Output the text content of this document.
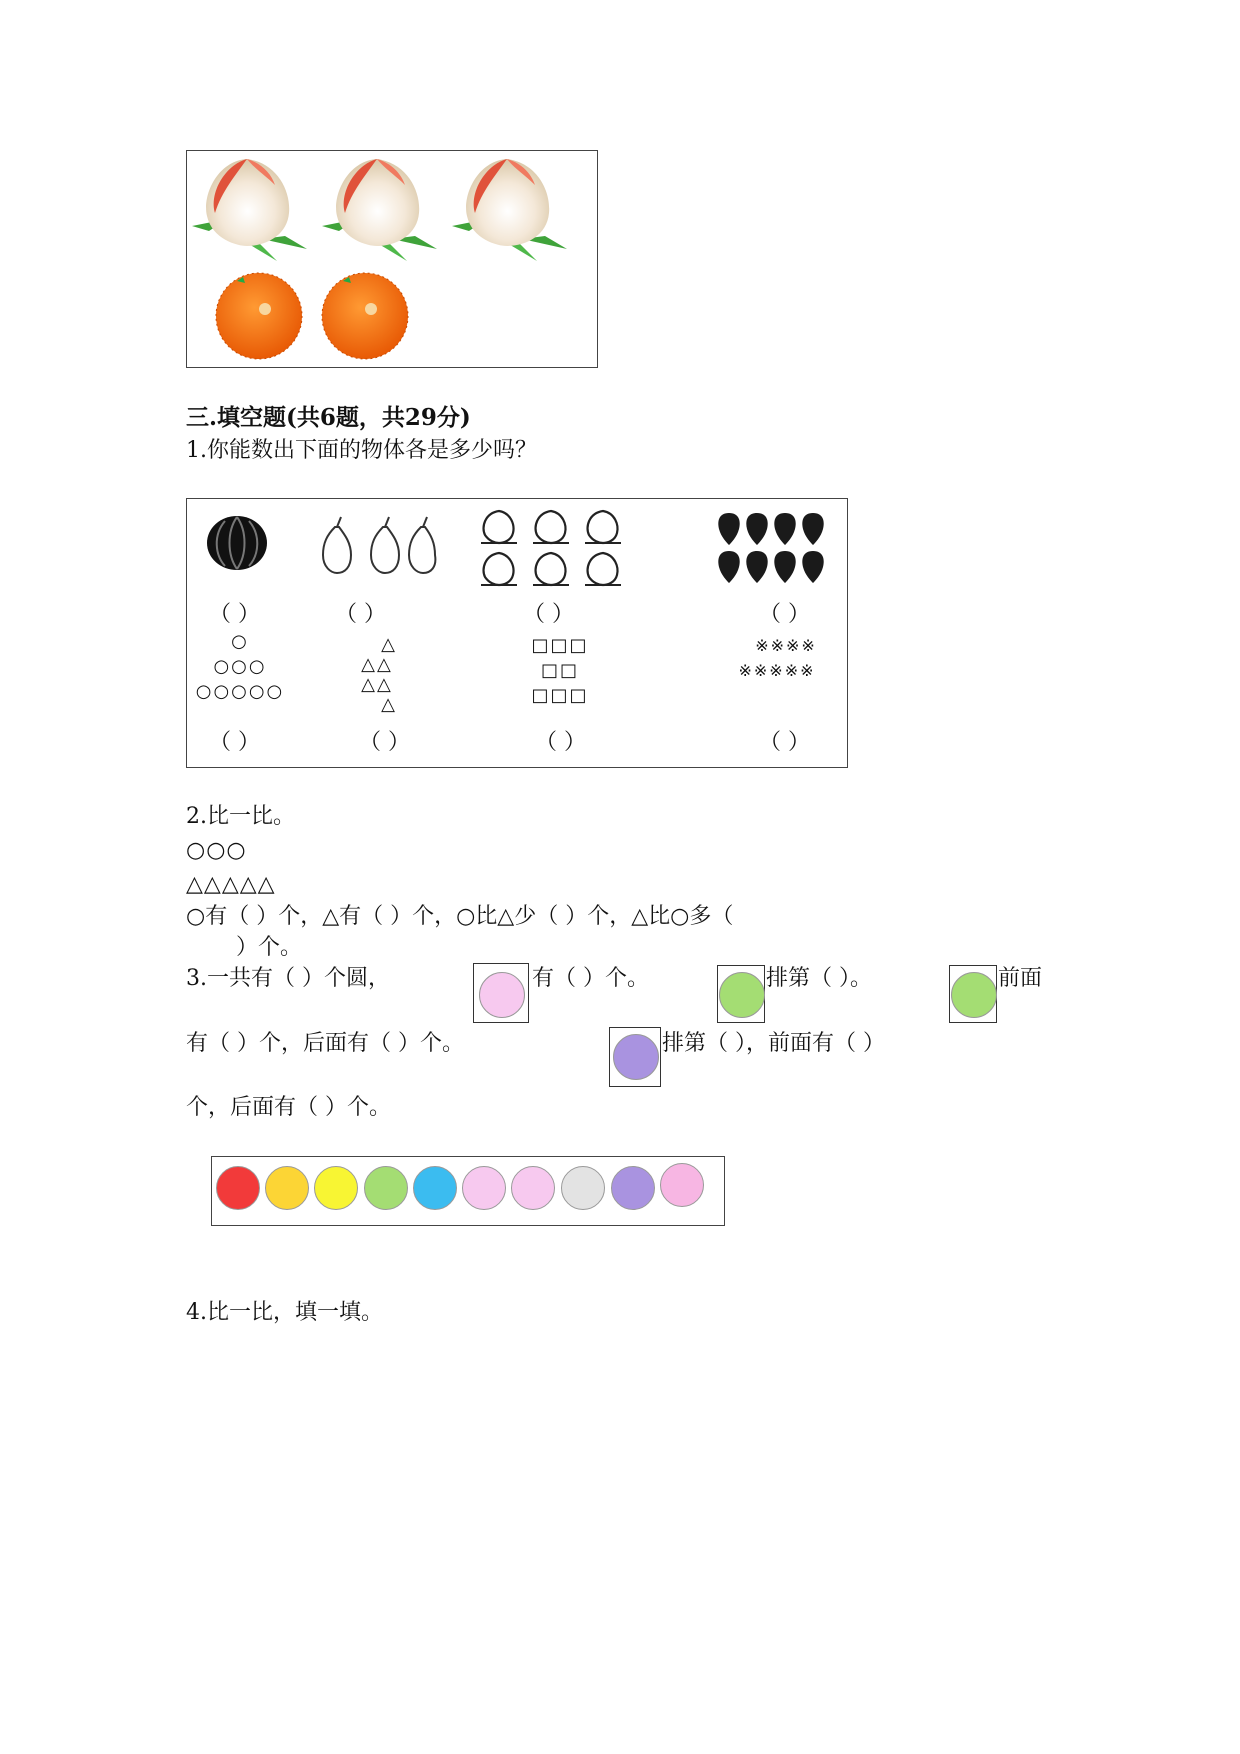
三.填空题(共6题，共29分)
1.你能数出下面的物体各是多少吗？
（ ）	（ ）	（ ）	（ ）
○
○○○
○○○○○
△
△△
△△
△
□□□
□□
□□□
※※※※
※※※※※
（ ）	（ ）	（ ）	（ ）
2.比一比。
○○○
△△△△△
○有（ ）个，△有（ ）个，○比△少（ ）个，△比○多（
）个。
3.一共有（ ）个圆，	有（ ）个。	排第（ ）。	前面
有（ ）个，后面有（ ）个。	排第（ ），前面有（ ）
个，后面有（ ）个。
4.比一比，填一填。
